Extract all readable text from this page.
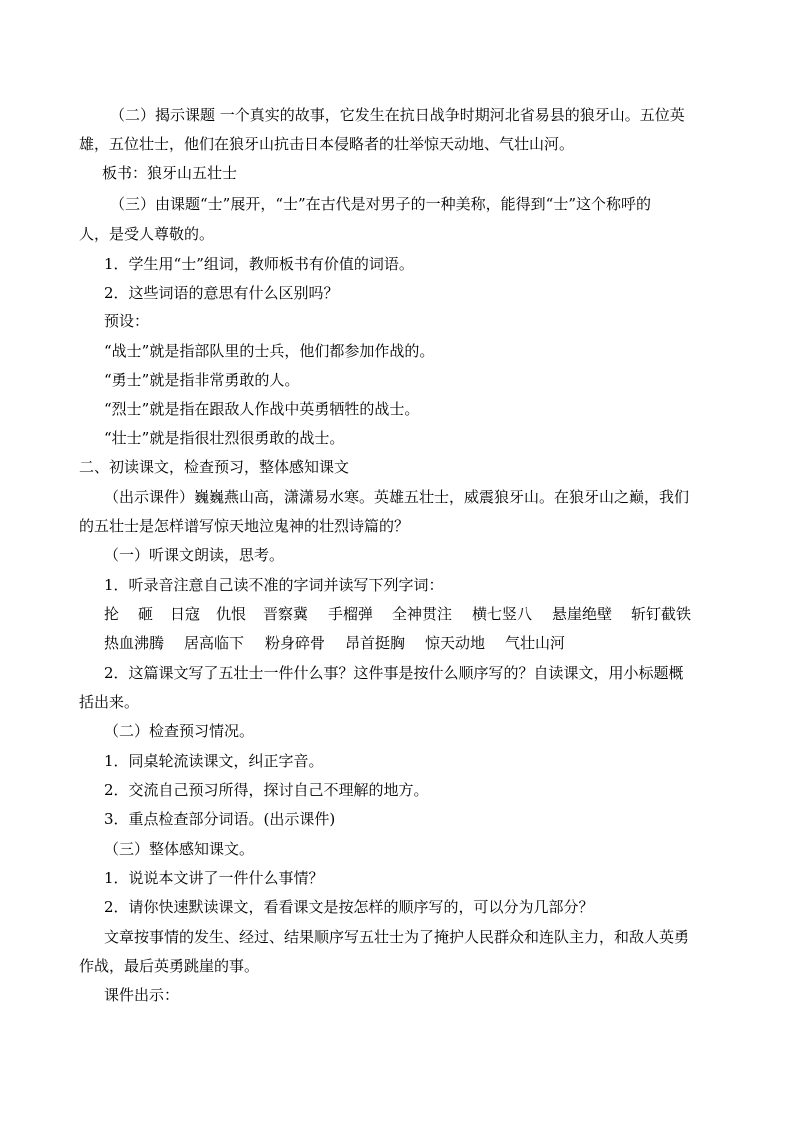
（二）揭示课题 一个真实的故事，它发生在抗日战争时期河北省易县的狼牙山。五位英
雄，五位壮士，他们在狼牙山抗击日本侵略者的壮举惊天动地、气壮山河。
板书：狼牙山五壮士
（三）由课题“士”展开，“士”在古代是对男子的一种美称，能得到“士”这个称呼的
人，是受人尊敬的。
1．学生用“士”组词，教师板书有价值的词语。
2．这些词语的意思有什么区别吗？
预设：
“战士”就是指部队里的士兵，他们都参加作战的。
“勇士”就是指非常勇敢的人。
“烈士”就是指在跟敌人作战中英勇牺牲的战士。
“壮士”就是指很壮烈很勇敢的战士。
二、初读课文，检查预习，整体感知课文
（出示课件）巍巍燕山高，潇潇易水寒。英雄五壮士，威震狼牙山。在狼牙山之巅，我们
的五壮士是怎样谱写惊天地泣鬼神的壮烈诗篇的？
（一）听课文朗读，思考。
1．听录音注意自己读不准的字词并读写下列字词：
抡 砸 日寇 仇恨 晋察冀 手榴弹 全神贯注 横七竖八 悬崖绝壁 斩钉截铁
热血沸腾 居高临下 粉身碎骨 昂首挺胸 惊天动地 气壮山河
2．这篇课文写了五壮士一件什么事？这件事是按什么顺序写的？自读课文，用小标题概
括出来。
（二）检查预习情况。
1．同桌轮流读课文，纠正字音。
2．交流自己预习所得，探讨自己不理解的地方。
3．重点检查部分词语。(出示课件)
（三）整体感知课文。
1．说说本文讲了一件什么事情？
2．请你快速默读课文，看看课文是按怎样的顺序写的，可以分为几部分？
文章按事情的发生、经过、结果顺序写五壮士为了掩护人民群众和连队主力，和敌人英勇
作战，最后英勇跳崖的事。
课件出示：
